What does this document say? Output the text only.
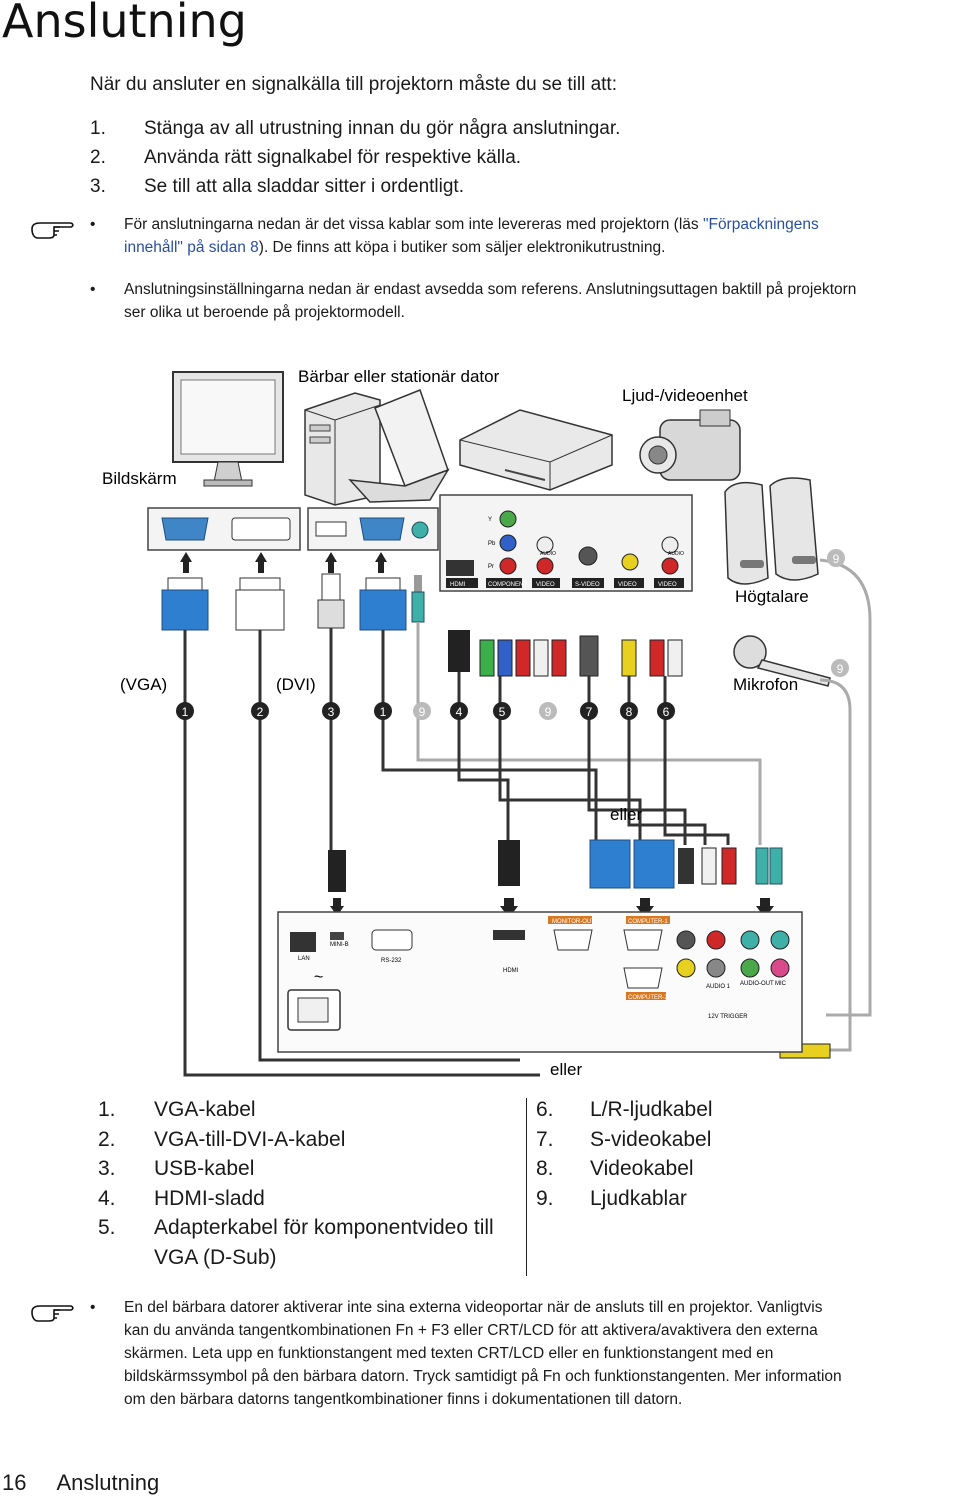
Anslutning
När du ansluter en signalkälla till projektorn måste du se till att:
1.	Stänga av all utrustning innan du gör några anslutningar.
2.	Använda rätt signalkabel för respektive källa.
3.	Se till att alla sladdar sitter i ordentligt.
• För anslutningarna nedan är det vissa kablar som inte levereras med projektorn (läs "Förpackningens
innehåll" på sidan 8). De finns att köpa i butiker som säljer elektronikutrustning.
• Anslutningsinställningarna nedan är endast avsedda som referens. Anslutningsuttagen baktill på projektorn
ser olika ut beroende på projektormodell.
HDMI	COMPONENT VIDEO	S-VIDEO	VIDEO	VIDEO
Y
Pb
Pr
AUDIO	AUDIO
LAN
MINI-B
RS-232
HDMI
MONITOR-OUT	COMPUTER-1
COMPUTER-2
AUDIO-OUT MIC
AUDIO 1
12V TRIGGER
~
Bärbar eller stationär dator
Ljud-/videoenhet
Bildskärm
Högtalare
Mikrofon
(VGA)	(DVI)
eller
eller
1	2	3	1	9	4	5	9	7	8	6
9
9
1.	VGA-kabel
2.	VGA-till-DVI-A-kabel
3.	USB-kabel
4.	HDMI-sladd
5.	Adapterkabel för komponentvideo till
VGA (D-Sub)
6.	L/R-ljudkabel
7.	S-videokabel
8.	Videokabel
9.	Ljudkablar
• En del bärbara datorer aktiverar inte sina externa videoportar när de ansluts till en projektor. Vanligtvis
kan du använda tangentkombinationen Fn + F3 eller CRT/LCD för att aktivera/avaktivera den externa
skärmen. Leta upp en funktionstangent med texten CRT/LCD eller en funktionstangent med en
bildskärmssymbol på den bärbara datorn. Tryck samtidigt på Fn och funktionstangenten. Mer information
om den bärbara datorns tangentkombinationer finns i dokumentationen till datorn.
16 Anslutning
